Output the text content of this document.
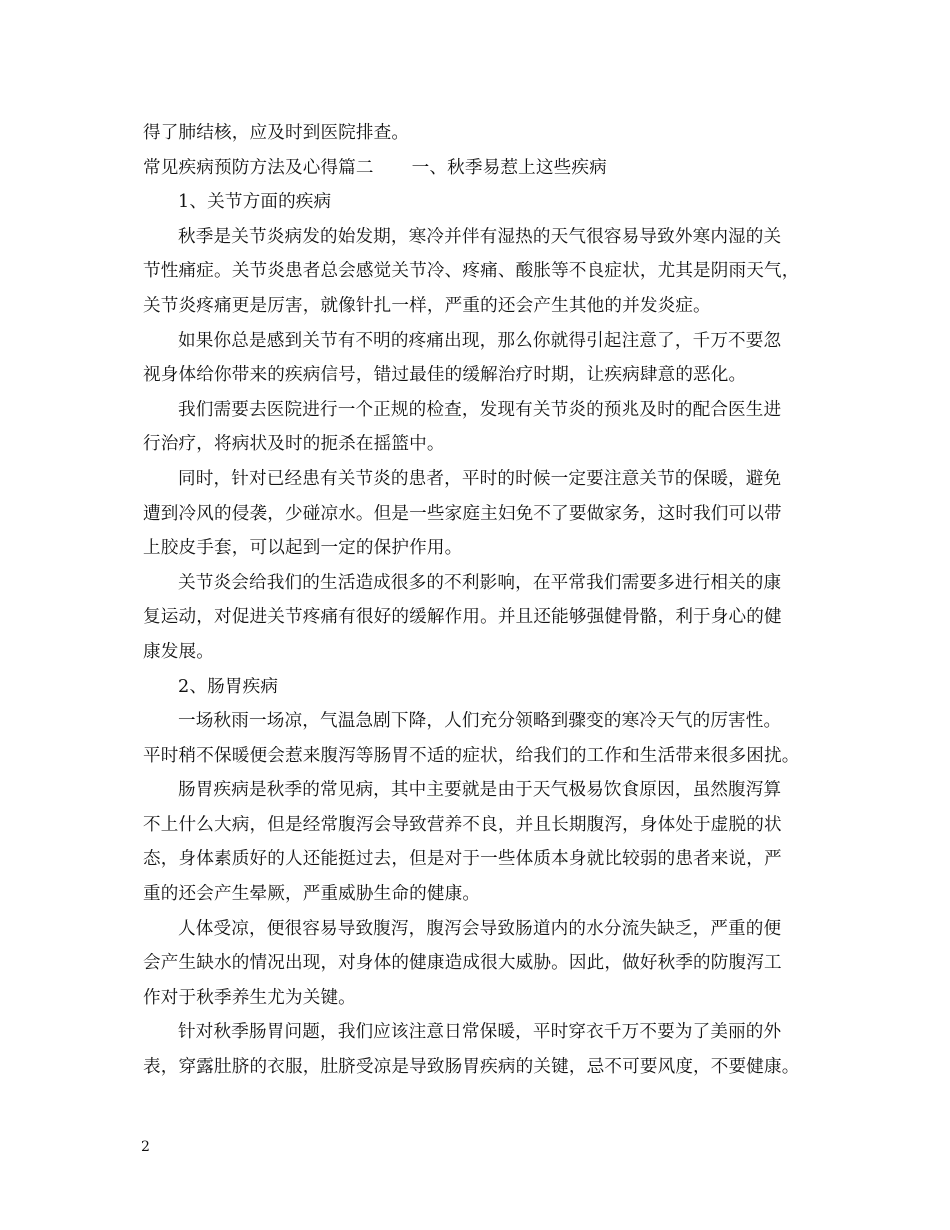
得了肺结核，应及时到医院排查。
常见疾病预防方法及心得篇二 一、秋季易惹上这些疾病
1、关节方面的疾病
秋季是关节炎病发的始发期，寒冷并伴有湿热的天气很容易导致外寒内湿的关
节性痛症。关节炎患者总会感觉关节冷、疼痛、酸胀等不良症状，尤其是阴雨天气，
关节炎疼痛更是厉害，就像针扎一样，严重的还会产生其他的并发炎症。
如果你总是感到关节有不明的疼痛出现，那么你就得引起注意了，千万不要忽
视身体给你带来的疾病信号，错过最佳的缓解治疗时期，让疾病肆意的恶化。
我们需要去医院进行一个正规的检查，发现有关节炎的预兆及时的配合医生进
行治疗，将病状及时的扼杀在摇篮中。
同时，针对已经患有关节炎的患者，平时的时候一定要注意关节的保暖，避免
遭到冷风的侵袭，少碰凉水。但是一些家庭主妇免不了要做家务，这时我们可以带
上胶皮手套，可以起到一定的保护作用。
关节炎会给我们的生活造成很多的不利影响，在平常我们需要多进行相关的康
复运动，对促进关节疼痛有很好的缓解作用。并且还能够强健骨骼，利于身心的健
康发展。
2、肠胃疾病
一场秋雨一场凉，气温急剧下降，人们充分领略到骤变的寒冷天气的厉害性。
平时稍不保暖便会惹来腹泻等肠胃不适的症状，给我们的工作和生活带来很多困扰。
肠胃疾病是秋季的常见病，其中主要就是由于天气极易饮食原因，虽然腹泻算
不上什么大病，但是经常腹泻会导致营养不良，并且长期腹泻，身体处于虚脱的状
态，身体素质好的人还能挺过去，但是对于一些体质本身就比较弱的患者来说，严
重的还会产生晕厥，严重威胁生命的健康。
人体受凉，便很容易导致腹泻，腹泻会导致肠道内的水分流失缺乏，严重的便
会产生缺水的情况出现，对身体的健康造成很大威胁。因此，做好秋季的防腹泻工
作对于秋季养生尤为关键。
针对秋季肠胃问题，我们应该注意日常保暖，平时穿衣千万不要为了美丽的外
表，穿露肚脐的衣服，肚脐受凉是导致肠胃疾病的关键，忌不可要风度，不要健康。
2
